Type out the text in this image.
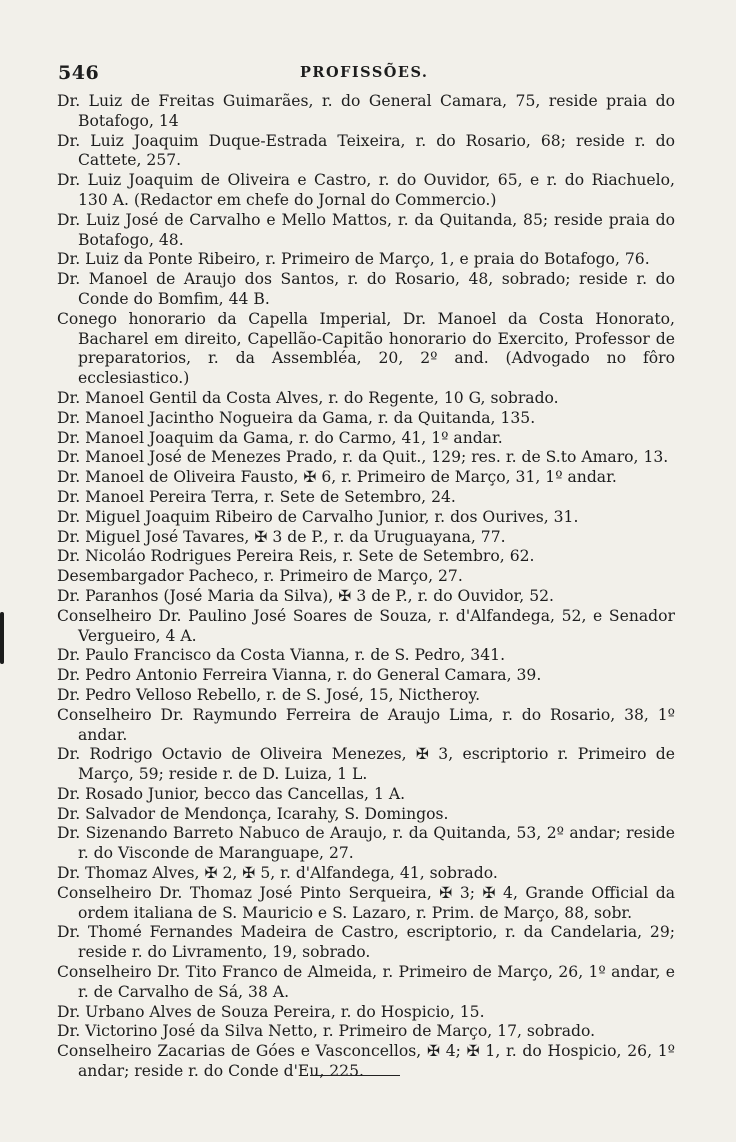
546	PROFISSÕES.

Dr. Luiz de Freitas Guimarães, r. do General Camara, 75, reside praia do Botafogo, 14

Dr. Luiz Joaquim Duque-Estrada Teixeira, r. do Rosario, 68; reside r. do Cattete, 257.

Dr. Luiz Joaquim de Oliveira e Castro, r. do Ouvidor, 65, e r. do Riachuelo, 130 A. (Redactor em chefe do Jornal do Commercio.)

Dr. Luiz José de Carvalho e Mello Mattos, r. da Quitanda, 85; reside praia do Botafogo, 48.

Dr. Luiz da Ponte Ribeiro, r. Primeiro de Março, 1, e praia do Botafogo, 76.

Dr. Manoel de Araujo dos Santos, r. do Rosario, 48, sobrado; reside r. do Conde do Bomfim, 44 B.

Conego honorario da Capella Imperial, Dr. Manoel da Costa Honorato, Bacharel em direito, Capellão-Capitão honorario do Exercito, Professor de preparatorios, r. da Assembléa, 20, 2º and. (Advogado no fôro ecclesiastico.)

Dr. Manoel Gentil da Costa Alves, r. do Regente, 10 G, sobrado.

Dr. Manoel Jacintho Nogueira da Gama, r. da Quitanda, 135.

Dr. Manoel Joaquim da Gama, r. do Carmo, 41, 1º andar.

Dr. Manoel José de Menezes Prado, r. da Quit., 129; res. r. de S.to Amaro, 13.

Dr. Manoel de Oliveira Fausto, ✠ 6, r. Primeiro de Março, 31, 1º andar.

Dr. Manoel Pereira Terra, r. Sete de Setembro, 24.

Dr. Miguel Joaquim Ribeiro de Carvalho Junior, r. dos Ourives, 31.

Dr. Miguel José Tavares, ✠ 3 de P., r. da Uruguayana, 77.

Dr. Nicoláo Rodrigues Pereira Reis, r. Sete de Setembro, 62.

Desembargador Pacheco, r. Primeiro de Março, 27.

Dr. Paranhos (José Maria da Silva), ✠ 3 de P., r. do Ouvidor, 52.

Conselheiro Dr. Paulino José Soares de Souza, r. d'Alfandega, 52, e Senador Vergueiro, 4 A.

Dr. Paulo Francisco da Costa Vianna, r. de S. Pedro, 341.

Dr. Pedro Antonio Ferreira Vianna, r. do General Camara, 39.

Dr. Pedro Velloso Rebello, r. de S. José, 15, Nictheroy.

Conselheiro Dr. Raymundo Ferreira de Araujo Lima, r. do Rosario, 38, 1º andar.

Dr. Rodrigo Octavio de Oliveira Menezes, ✠ 3, escriptorio r. Primeiro de Março, 59; reside r. de D. Luiza, 1 L.

Dr. Rosado Junior, becco das Cancellas, 1 A.

Dr. Salvador de Mendonça, Icarahy, S. Domingos.

Dr. Sizenando Barreto Nabuco de Araujo, r. da Quitanda, 53, 2º andar; reside r. do Visconde de Maranguape, 27.

Dr. Thomaz Alves, ✠ 2, ✠ 5, r. d'Alfandega, 41, sobrado.

Conselheiro Dr. Thomaz José Pinto Serqueira, ✠ 3; ✠ 4, Grande Official da ordem italiana de S. Mauricio e S. Lazaro, r. Prim. de Março, 88, sobr.

Dr. Thomé Fernandes Madeira de Castro, escriptorio, r. da Candelaria, 29; reside r. do Livramento, 19, sobrado.

Conselheiro Dr. Tito Franco de Almeida, r. Primeiro de Março, 26, 1º andar, e r. de Carvalho de Sá, 38 A.

Dr. Urbano Alves de Souza Pereira, r. do Hospicio, 15.

Dr. Victorino José da Silva Netto, r. Primeiro de Março, 17, sobrado.

Conselheiro Zacarias de Góes e Vasconcellos, ✠ 4; ✠ 1, r. do Hospicio, 26, 1º andar; reside r. do Conde d'Eu, 225.
